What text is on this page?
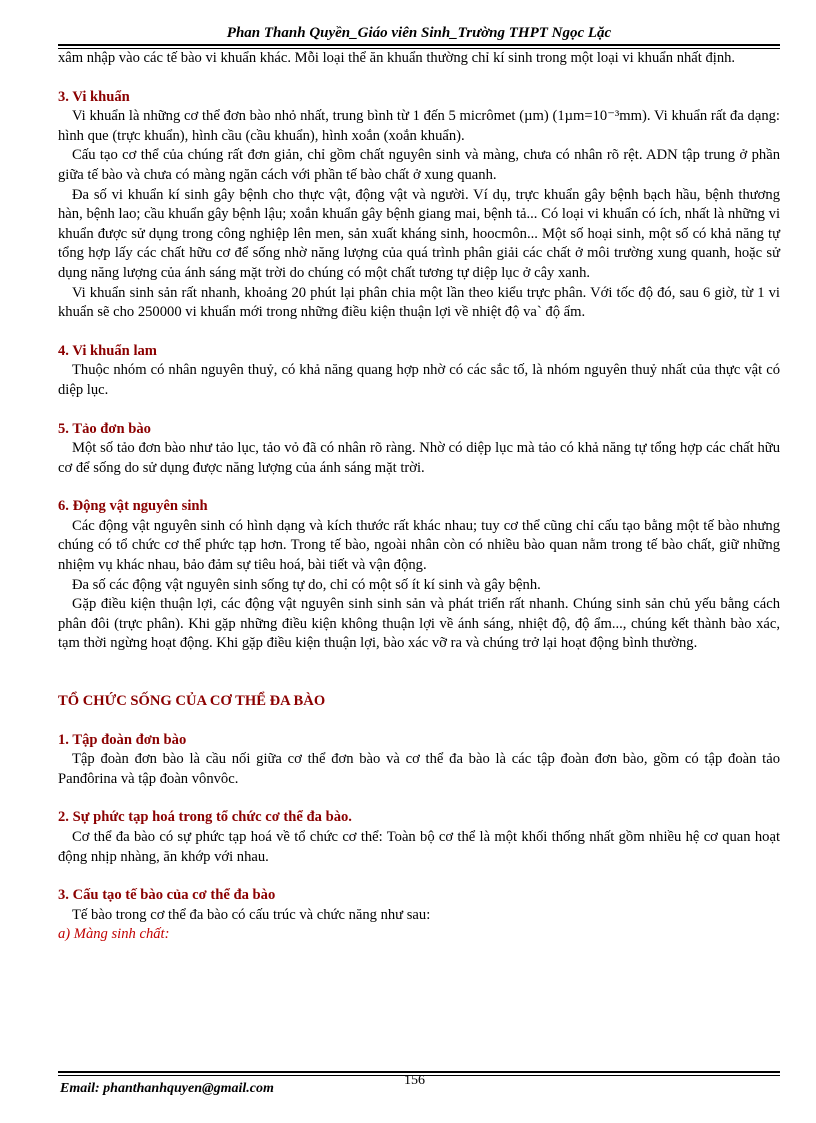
Phan Thanh Quyền_Giáo viên Sinh_Trường THPT Ngọc Lặc

xâm nhập vào các tế bào vi khuẩn khác. Mỗi loại thể ăn khuẩn thường chỉ kí sinh trong một loại vi khuẩn nhất định.

3. Vi khuẩn

Vi khuẩn là những cơ thể đơn bào nhỏ nhất, trung bình từ 1 đến 5 micrômet (µm) (1µm=10⁻³mm). Vi khuẩn rất đa dạng: hình que (trực khuẩn), hình cầu (cầu khuẩn), hình xoắn (xoắn khuẩn).

Cấu tạo cơ thể của chúng rất đơn giản, chỉ gồm chất nguyên sinh và màng, chưa có nhân rõ rệt. ADN tập trung ở phần giữa tế bào và chưa có màng ngăn cách với phần tế bào chất ở xung quanh.

Đa số vi khuẩn kí sinh gây bệnh cho thực vật, động vật và người. Ví dụ, trực khuẩn gây bệnh bạch hầu, bệnh thương hàn, bệnh lao; cầu khuẩn gây bệnh lậu; xoắn khuẩn gây bệnh giang mai, bệnh tả... Có loại vi khuẩn có ích, nhất là những vi khuẩn được sử dụng trong công nghiệp lên men, sản xuất kháng sinh, hoocmôn... Một số hoại sinh, một số có khả năng tự tổng hợp lấy các chất hữu cơ để sống nhờ năng lượng của quá trình phân giải các chất ở môi trường xung quanh, hoặc sử dụng năng lượng của ánh sáng mặt trời do chúng có một chất tương tự diệp lục ở cây xanh.

Vi khuẩn sinh sản rất nhanh, khoảng 20 phút lại phân chia một lần theo kiểu trực phân. Với tốc độ đó, sau 6 giờ, từ 1 vi khuẩn sẽ cho 250000 vi khuẩn mới trong những điều kiện thuận lợi về nhiệt độ va` độ ẩm.

4. Vi khuẩn lam

Thuộc nhóm có nhân nguyên thuỷ, có khả năng quang hợp nhờ có các sắc tố, là nhóm nguyên thuỷ nhất của thực vật có diệp lục.

5. Tảo đơn bào

Một số tảo đơn bào như tảo lục, tảo vỏ đã có nhân rõ ràng. Nhờ có diệp lục mà tảo có khả năng tự tổng hợp các chất hữu cơ để sống do sử dụng được năng lượng của ánh sáng mặt trời.

6. Động vật nguyên sinh

Các động vật nguyên sinh có hình dạng và kích thước rất khác nhau; tuy cơ thể cũng chỉ cấu tạo bằng một tế bào nhưng chúng có tổ chức cơ thể phức tạp hơn. Trong tế bào, ngoài nhân còn có nhiều bào quan nằm trong tế bào chất, giữ những nhiệm vụ khác nhau, bảo đảm sự tiêu hoá, bài tiết và vận động.

Đa số các động vật nguyên sinh sống tự do, chỉ có một số ít kí sinh và gây bệnh.

Gặp điều kiện thuận lợi, các động vật nguyên sinh sinh sản và phát triển rất nhanh. Chúng sinh sản chủ yếu bằng cách phân đôi (trực phân). Khi gặp những điều kiện không thuận lợi về ánh sáng, nhiệt độ, độ ẩm..., chúng kết thành bào xác, tạm thời ngừng hoạt động. Khi gặp điều kiện thuận lợi, bào xác vỡ ra và chúng trở lại hoạt động bình thường.

TỔ CHỨC SỐNG CỦA CƠ THỂ ĐA BÀO

1. Tập đoàn đơn bào

Tập đoàn đơn bào là cầu nối giữa cơ thể đơn bào và cơ thể đa bào là các tập đoàn đơn bào, gồm có tập đoàn tảo Panđôrina và tập đoàn vônvôc.

2. Sự phức tạp hoá trong tổ chức cơ thể đa bào.

Cơ thể đa bào có sự phức tạp hoá về tổ chức cơ thể: Toàn bộ cơ thể là một khối thống nhất gồm nhiều hệ cơ quan hoạt động nhịp nhàng, ăn khớp với nhau.

3. Cấu tạo tế bào của cơ thể đa bào

Tế bào trong cơ thể đa bào có cấu trúc và chức năng như sau:

a) Màng sinh chất:

156
Email: phanthanhquyen@gmail.com
